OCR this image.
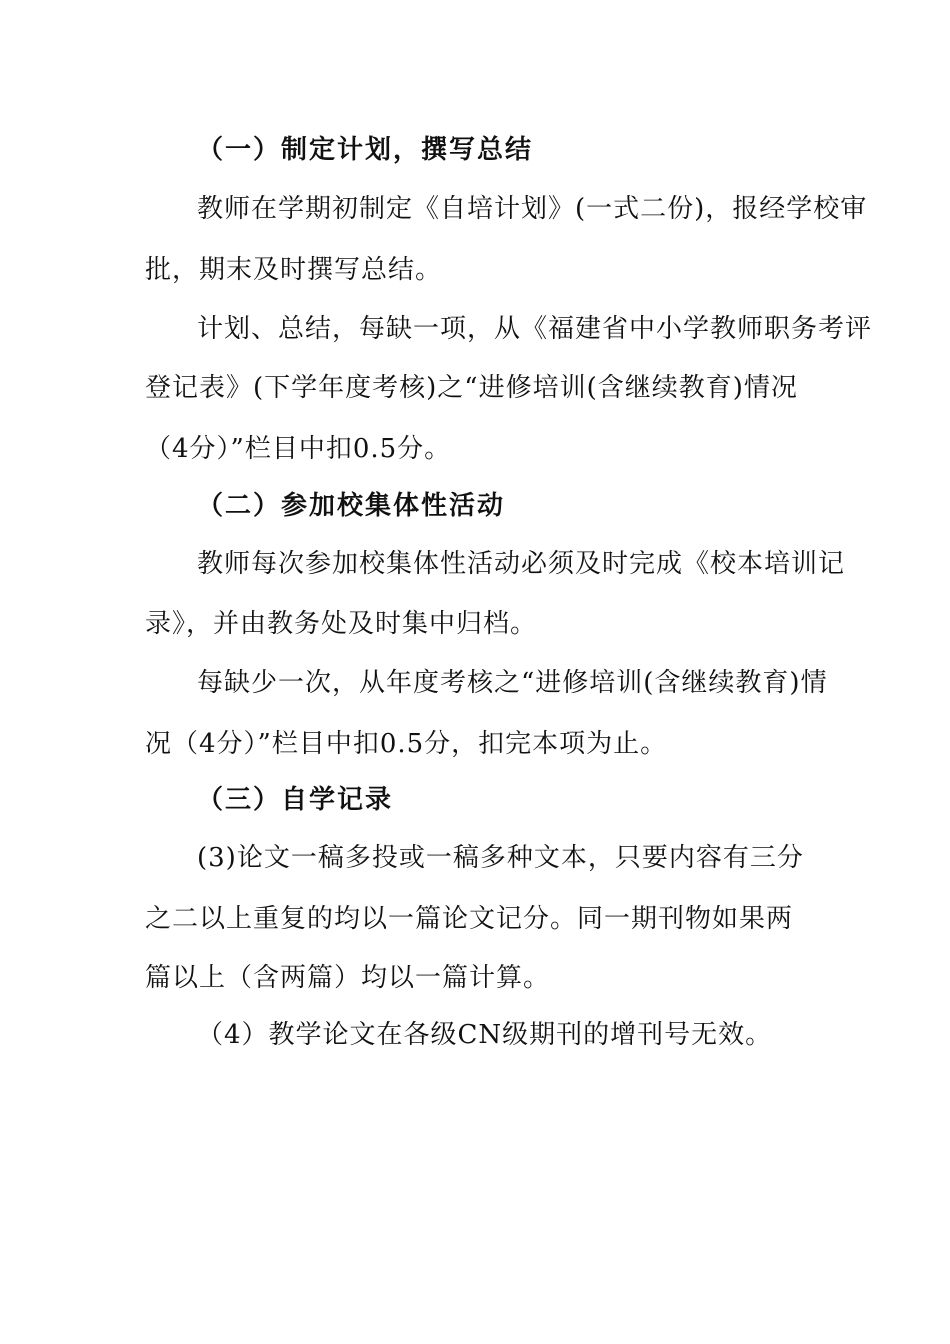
（一）制定计划，撰写总结
教师在学期初制定《自培计划》(一式二份)，报经学校审
批，期末及时撰写总结。
计划、总结，每缺一项，从《福建省中小学教师职务考评
登记表》(下学年度考核)之“进修培训(含继续教育)情况
（4分）”栏目中扣0.5分。
（二）参加校集体性活动
教师每次参加校集体性活动必须及时完成《校本培训记
录》，并由教务处及时集中归档。
每缺少一次，从年度考核之“进修培训(含继续教育)情
况（4分）”栏目中扣0.5分，扣完本项为止。
（三）自学记录
(3)论文一稿多投或一稿多种文本，只要内容有三分
之二以上重复的均以一篇论文记分。同一期刊物如果两
篇以上（含两篇）均以一篇计算。
（4）教学论文在各级CN级期刊的增刊号无效。
